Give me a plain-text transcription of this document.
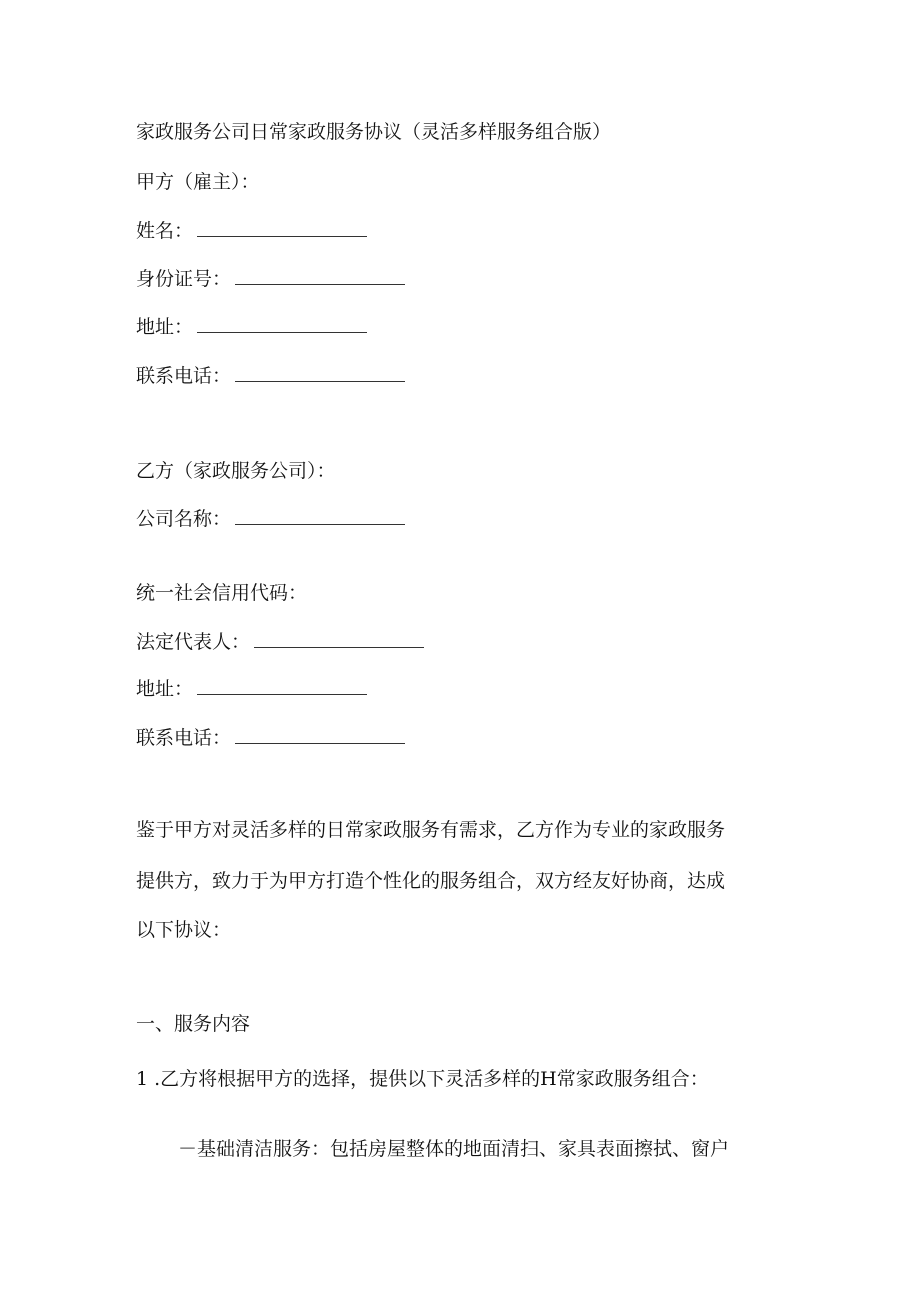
家政服务公司日常家政服务协议（灵活多样服务组合版）
甲方（雇主）：
姓名：
身份证号：
地址：
联系电话：
乙方（家政服务公司）：
公司名称：
统一社会信用代码：
法定代表人：
地址：
联系电话：
鉴于甲方对灵活多样的日常家政服务有需求，乙方作为专业的家政服务
提供方，致力于为甲方打造个性化的服务组合，双方经友好协商，达成
以下协议：
一、服务内容
1 .乙方将根据甲方的选择，提供以下灵活多样的H常家政服务组合：
－基础清洁服务：包括房屋整体的地面清扫、家具表面擦拭、窗户
